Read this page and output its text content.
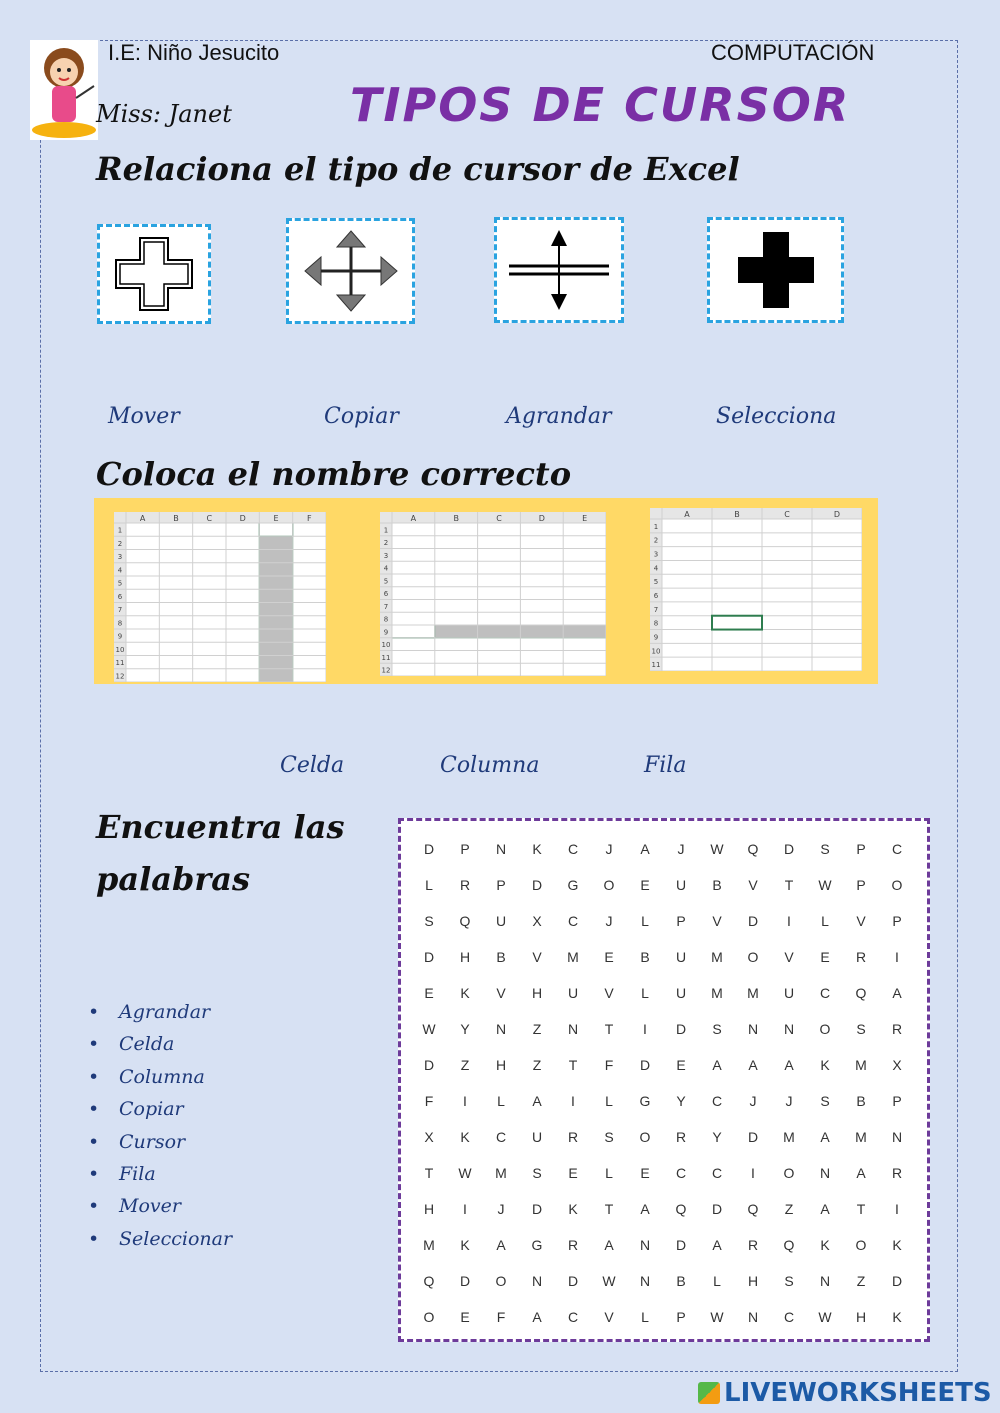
I.E: Niño Jesucito	COMPUTACIÓN
Miss: Janet	TIPOS DE CURSOR
Relaciona el tipo de cursor de Excel
Mover	Copiar	Agrandar	Selecciona
Coloca el nombre correcto
A	B	C	D	E	F
1
2
3
4
5
6
7
8
9
10
11
12
A	B	C	D	E
1
2
3
4
5
6
7
8
9
10
11
12
A	B	C	D
1
2
3
4
5
6
7
8
9
10
11
Celda	Columna	Fila
Encuentra las
palabras
• Agrandar
• Celda
• Columna
• Copiar
• Cursor
• Fila
• Mover
• Seleccionar
D	P	N	K	C	J	A	J	W	Q	D	S	P	C
L	R	P	D	G	O	E	U	B	V	T	W	P	O
S	Q	U	X	C	J	L	P	V	D	I	L	V	P
D	H	B	V	M	E	B	U	M	O	V	E	R	I
E	K	V	H	U	V	L	U	M	M	U	C	Q	A
W	Y	N	Z	N	T	I	D	S	N	N	O	S	R
D	Z	H	Z	T	F	D	E	A	A	A	K	M	X
F	I	L	A	I	L	G	Y	C	J	J	S	B	P
X	K	C	U	R	S	O	R	Y	D	M	A	M	N
T	W	M	S	E	L	E	C	C	I	O	N	A	R
H	I	J	D	K	T	A	Q	D	Q	Z	A	T	I
M	K	A	G	R	A	N	D	A	R	Q	K	O	K
Q	D	O	N	D	W	N	B	L	H	S	N	Z	D
O	E	F	A	C	V	L	P	W	N	C	W	H	K
LIVEWORKSHEETS
